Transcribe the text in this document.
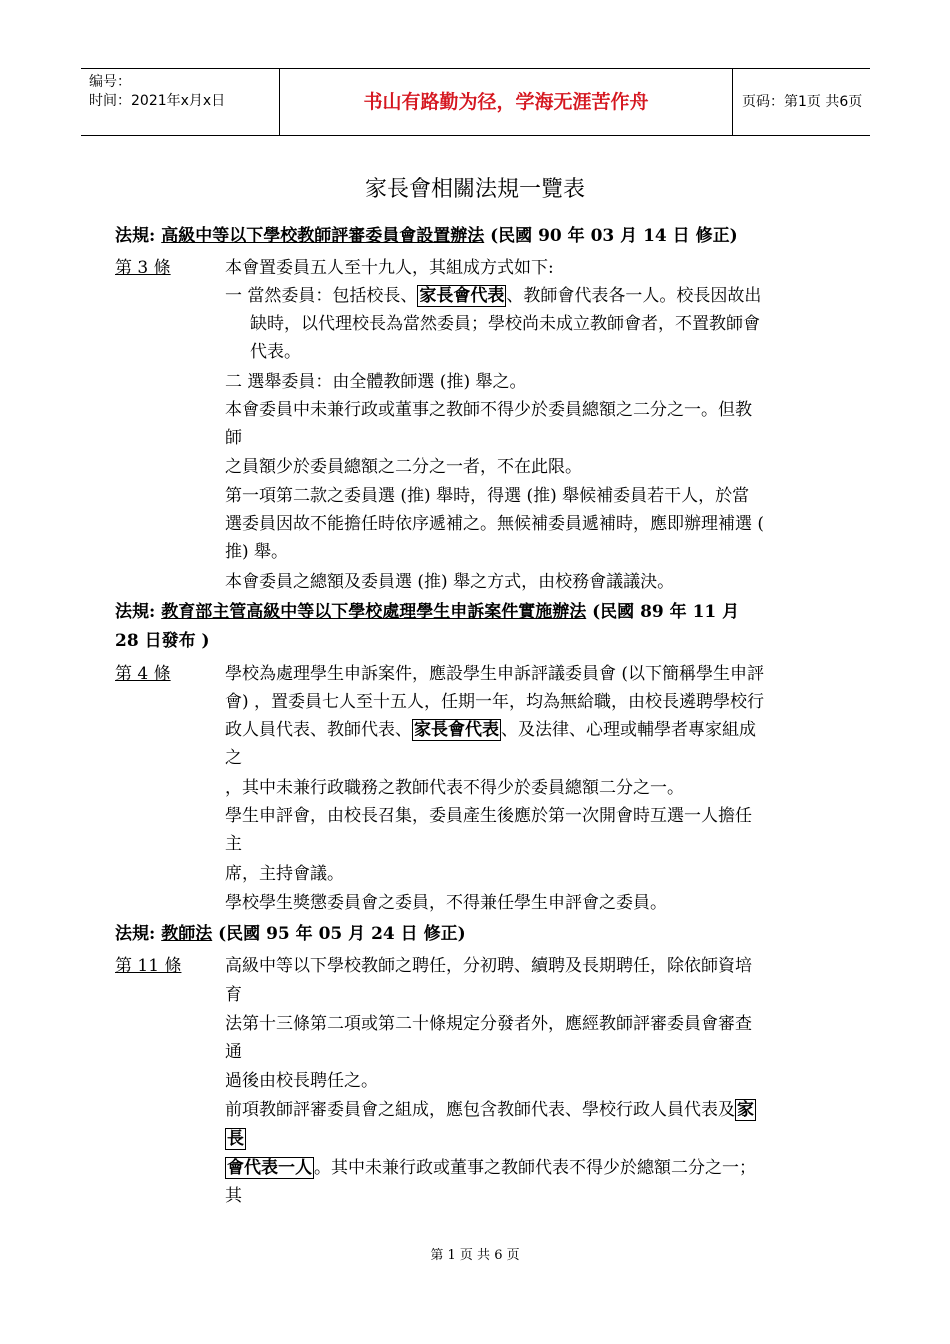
编号：
时间：2021年x月x日	书山有路勤为径，学海无涯苦作舟	页码：第1页 共6页
家長會相關法規一覽表
法規: 高級中等以下學校教師評審委員會設置辦法 (民國 90 年 03 月 14 日 修正)
第 3 條	本會置委員五人至十九人，其組成方式如下:
一 當然委員：包括校長、 家長會代表 、教師會代表各一人。校長因故出
缺時，以代理校長為當然委員；學校尚未成立教師會者，不置教師會
代表。
二 選舉委員：由全體教師選 (推) 舉之。
本會委員中未兼行政或董事之教師不得少於委員總額之二分之一。但教
師
之員額少於委員總額之二分之一者，不在此限。
第一項第二款之委員選 (推) 舉時，得選 (推) 舉候補委員若干人，於當
選委員因故不能擔任時依序遞補之。無候補委員遞補時，應即辦理補選 (
推) 舉。
本會委員之總額及委員選 (推) 舉之方式，由校務會議議決。
法規: 教育部主管高級中等以下學校處理學生申訴案件實施辦法 (民國 89 年 11 月
28 日發布 )
第 4 條	學校為處理學生申訴案件，應設學生申訴評議委員會 (以下簡稱學生申評
會) ，置委員七人至十五人，任期一年，均為無給職，由校長遴聘學校行
政人員代表、教師代表、 家長會代表 、及法律、心理或輔學者專家組成
之
，其中未兼行政職務之教師代表不得少於委員總額二分之一。
學生申評會，由校長召集，委員產生後應於第一次開會時互選一人擔任
主
席，主持會議。
學校學生獎懲委員會之委員，不得兼任學生申評會之委員。
法規: 教師法 (民國 95 年 05 月 24 日 修正)
第 11 條	高級中等以下學校教師之聘任，分初聘、續聘及長期聘任，除依師資培
育
法第十三條第二項或第二十條規定分發者外，應經教師評審委員會審查
通
過後由校長聘任之。
前項教師評審委員會之組成，應包含教師代表、學校行政人員代表及 家
長
會代表一人 。其中未兼行政或董事之教師代表不得少於總額二分之一；
其
第 1 页 共 6 页
